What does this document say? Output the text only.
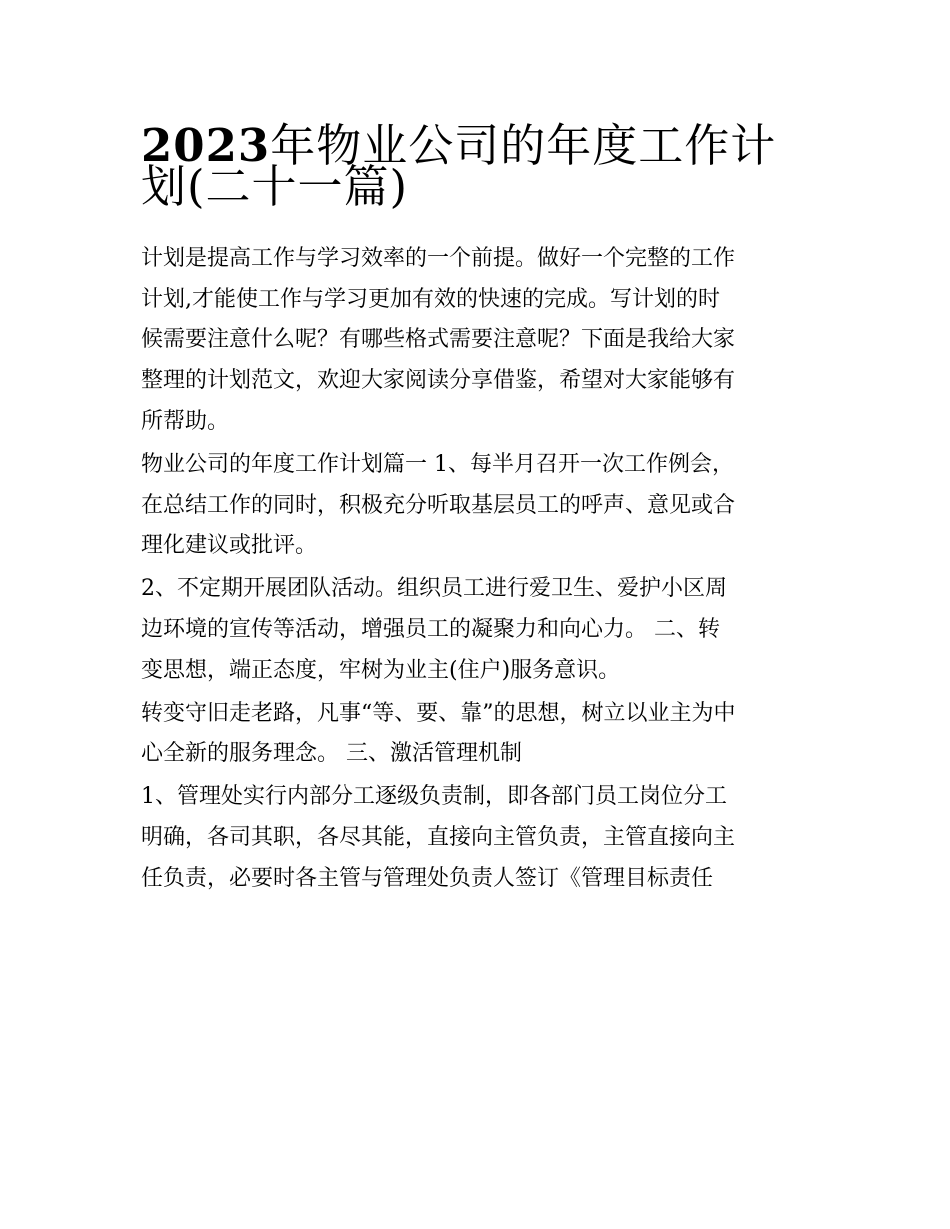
2023年物业公司的年度工作计
划(二十一篇)

计划是提高工作与学习效率的一个前提。做好一个完整的工作
计划,才能使工作与学习更加有效的快速的完成。写计划的时
候需要注意什么呢？有哪些格式需要注意呢？下面是我给大家
整理的计划范文，欢迎大家阅读分享借鉴，希望对大家能够有
所帮助。

物业公司的年度工作计划篇一 1、每半月召开一次工作例会，
在总结工作的同时，积极充分听取基层员工的呼声、意见或合
理化建议或批评。

2、不定期开展团队活动。组织员工进行爱卫生、爱护小区周
边环境的宣传等活动，增强员工的凝聚力和向心力。 二、转
变思想，端正态度，牢树为业主(住户)服务意识。

转变守旧走老路，凡事“等、要、靠”的思想，树立以业主为中
心全新的服务理念。 三、激活管理机制

1、管理处实行内部分工逐级负责制，即各部门员工岗位分工
明确，各司其职，各尽其能，直接向主管负责，主管直接向主
任负责，必要时各主管与管理处负责人签订《管理目标责任
